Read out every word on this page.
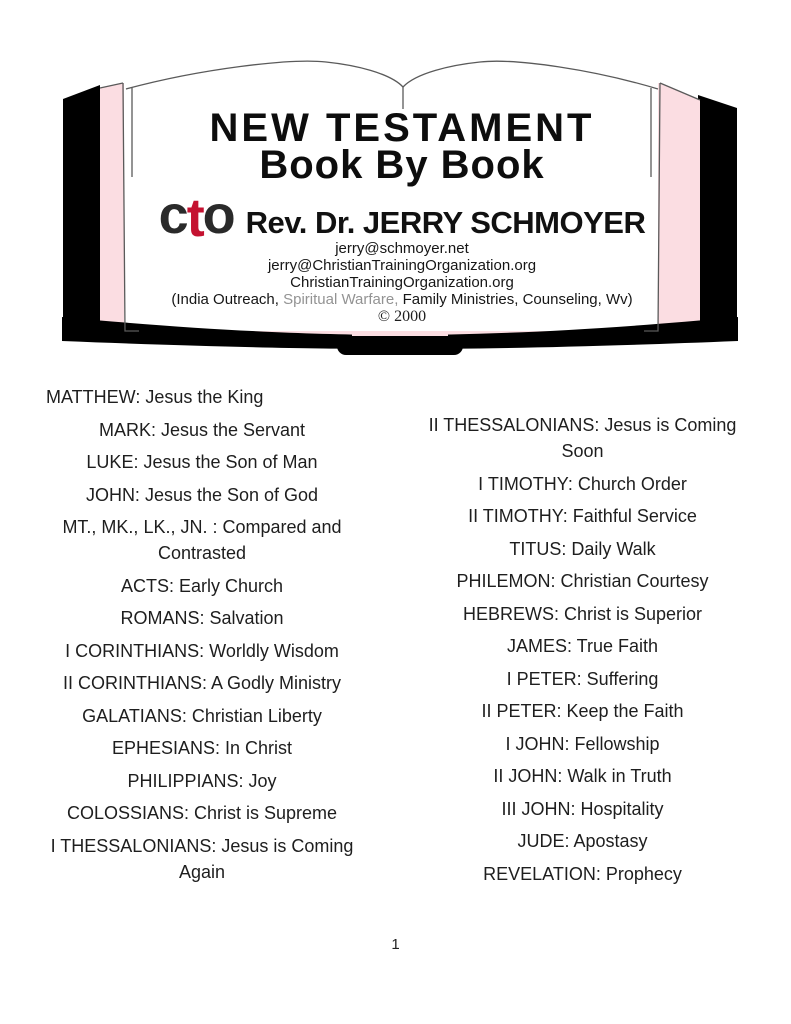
NEW TESTAMENT
Book By Book
cto Rev. Dr. JERRY SCHMOYER
jerry@schmoyer.net
jerry@ChristianTrainingOrganization.org
ChristianTrainingOrganization.org
(India Outreach, Spiritual Warfare, Family Ministries, Counseling, Wv)
© 2000

MATTHEW: Jesus the King

MARK: Jesus the Servant

LUKE: Jesus the Son of Man

JOHN: Jesus the Son of God

MT., MK., LK., JN. : Compared and Contrasted

ACTS: Early Church

ROMANS: Salvation

I CORINTHIANS: Worldly Wisdom

II CORINTHIANS: A Godly Ministry

GALATIANS: Christian Liberty

EPHESIANS: In Christ

PHILIPPIANS: Joy

COLOSSIANS: Christ is Supreme

I THESSALONIANS: Jesus is Coming Again

II THESSALONIANS: Jesus is Coming Soon

I TIMOTHY: Church Order

II TIMOTHY: Faithful Service

TITUS: Daily Walk

PHILEMON: Christian Courtesy

HEBREWS: Christ is Superior

JAMES: True Faith

I PETER: Suffering

II PETER: Keep the Faith

I JOHN: Fellowship

II JOHN: Walk in Truth

III JOHN: Hospitality

JUDE: Apostasy

REVELATION: Prophecy

1
